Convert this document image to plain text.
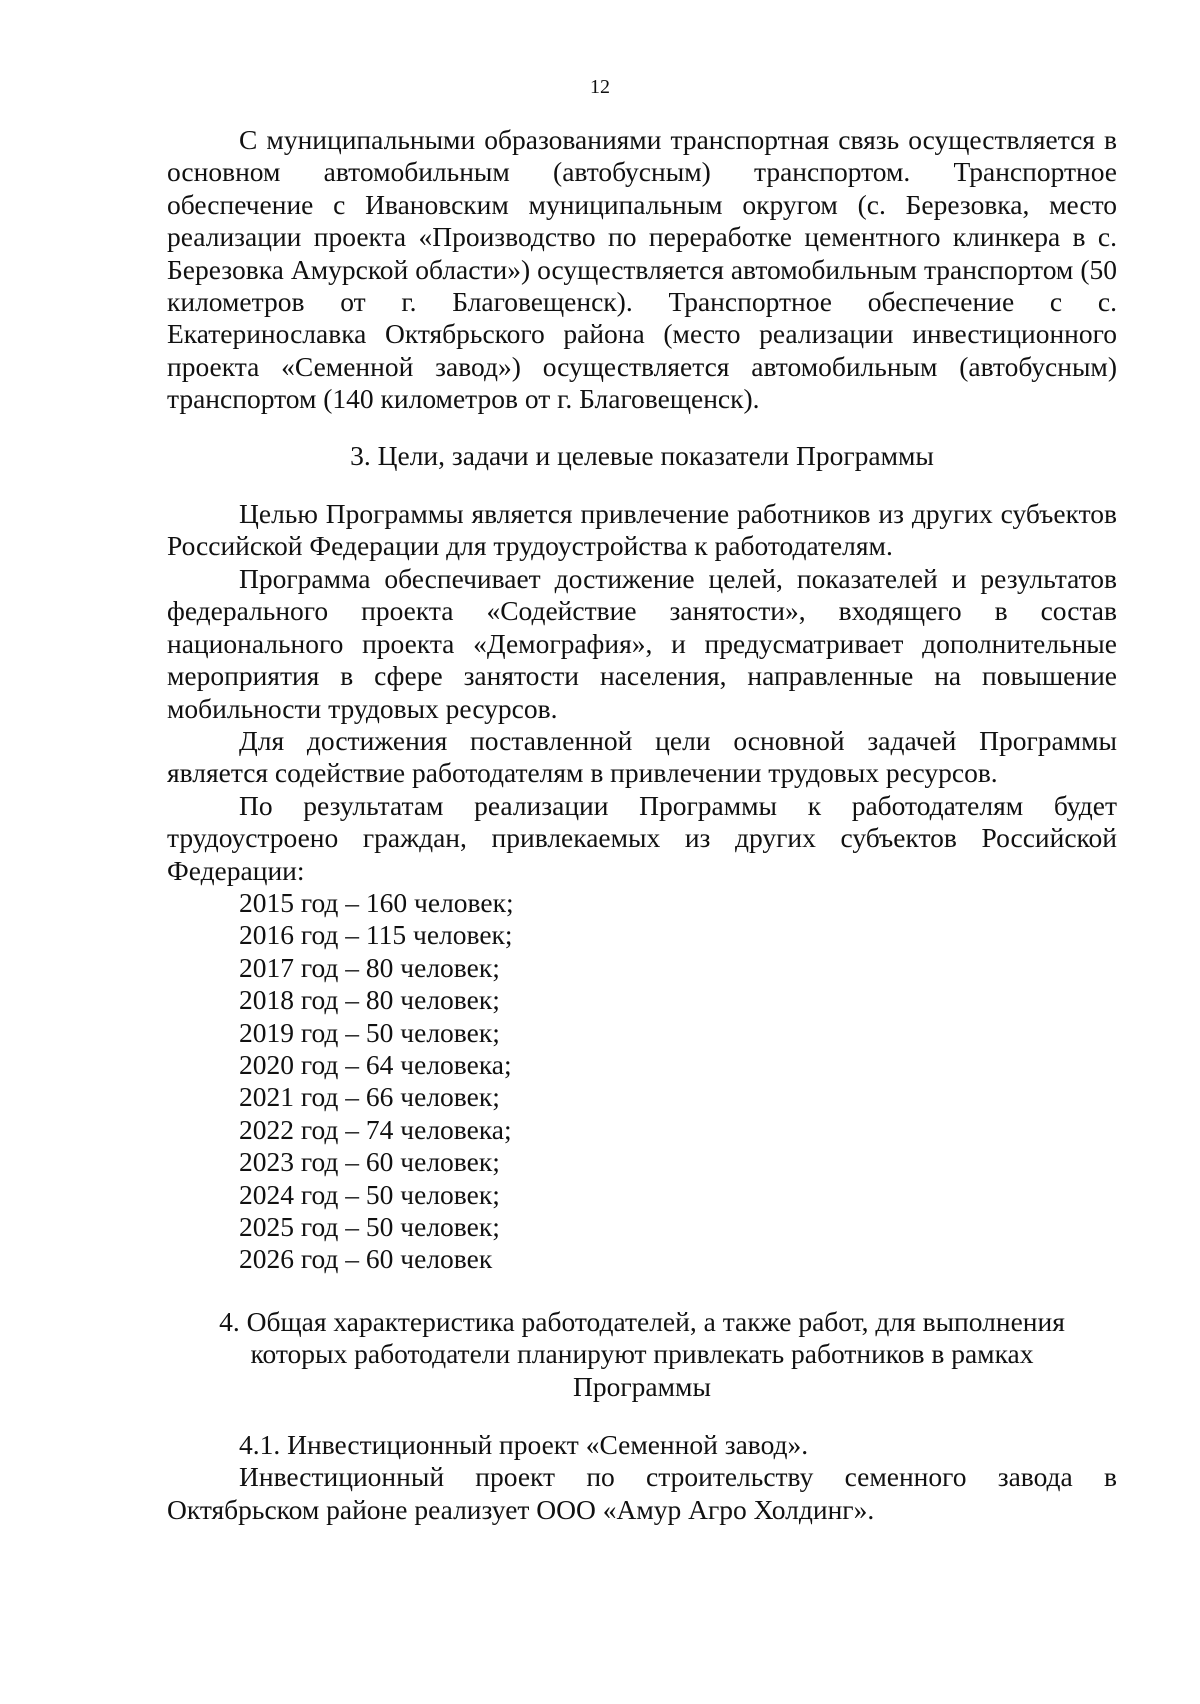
12

С муниципальными образованиями транспортная связь осуществляется в основном автомобильным (автобусным) транспортом. Транспортное обеспечение с Ивановским муниципальным округом (с. Березовка, место реализации проекта «Производство по переработке цементного клинкера в с. Березовка Амурской области») осуществляется автомобильным транспортом (50 километров от г. Благовещенск). Транспортное обеспечение с с. Екатеринославка Октябрьского района (место реализации инвестиционного проекта «Семенной завод») осуществляется автомобильным (автобусным) транспортом (140 километров от г. Благовещенск).

3. Цели, задачи и целевые показатели Программы

Целью Программы является привлечение работников из других субъектов Российской Федерации для трудоустройства к работодателям.

Программа обеспечивает достижение целей, показателей и результатов федерального проекта «Содействие занятости», входящего в состав национального проекта «Демография», и предусматривает дополнительные мероприятия в сфере занятости населения, направленные на повышение мобильности трудовых ресурсов.

Для достижения поставленной цели основной задачей Программы является содействие работодателям в привлечении трудовых ресурсов.

По результатам реализации Программы к работодателям будет трудоустроено граждан, привлекаемых из других субъектов Российской Федерации:

2015 год – 160 человек;
2016 год – 115 человек;
2017 год – 80 человек;
2018 год – 80 человек;
2019 год – 50 человек;
2020 год – 64 человека;
2021 год – 66 человек;
2022 год – 74 человека;
2023 год – 60 человек;
2024 год – 50 человек;
2025 год – 50 человек;
2026 год – 60 человек
4. Общая характеристика работодателей, а также работ, для выполнения которых работодатели планируют привлекать работников в рамках Программы

4.1. Инвестиционный проект «Семенной завод».

Инвестиционный проект по строительству семенного завода в Октябрьском районе реализует ООО «Амур Агро Холдинг».
